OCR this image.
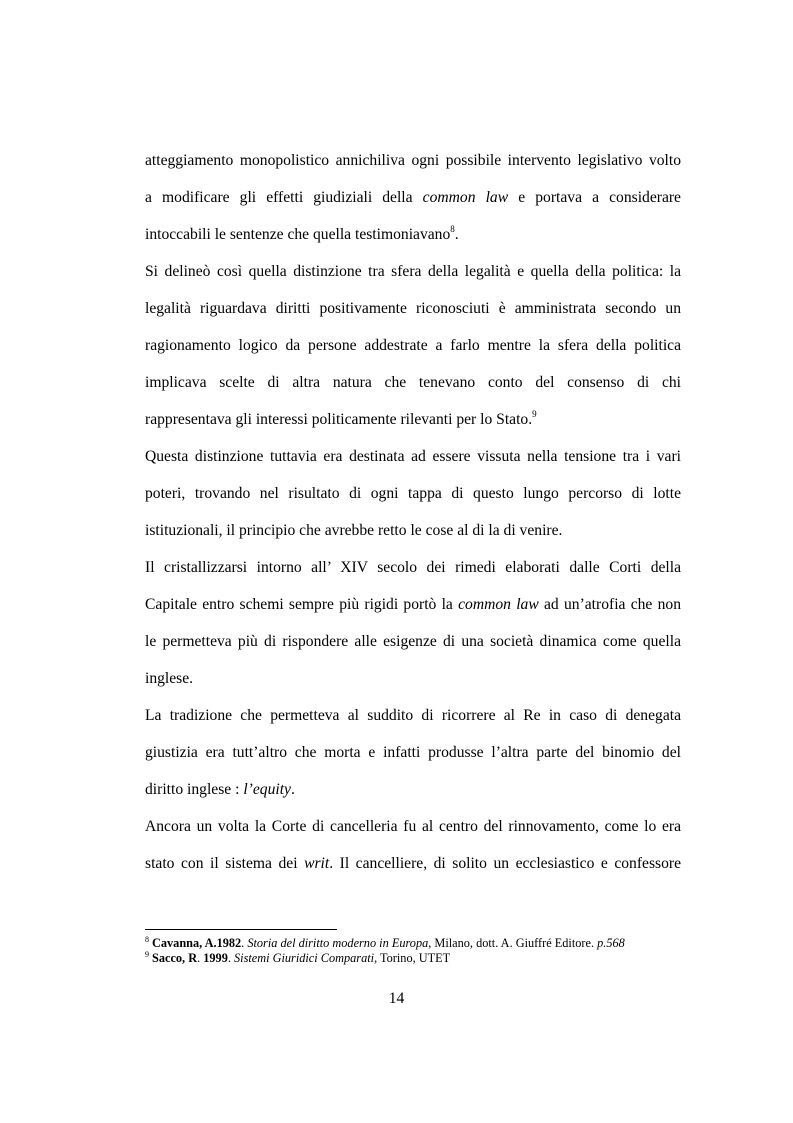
atteggiamento monopolistico annichiliva ogni possibile intervento legislativo volto
a modificare gli effetti giudiziali della common law e portava a considerare
intoccabili le sentenze che quella testimoniavano$^8$.
Si delineò così quella distinzione tra sfera della legalità e quella della politica: la
legalità riguardava diritti positivamente riconosciuti è amministrata secondo un
ragionamento logico da persone addestrate a farlo mentre la sfera della politica
implicava scelte di altra natura che tenevano conto del consenso di chi
rappresentava gli interessi politicamente rilevanti per lo Stato.$^9$
Questa distinzione tuttavia era destinata ad essere vissuta nella tensione tra i vari
poteri, trovando nel risultato di ogni tappa di questo lungo percorso di lotte
istituzionali, il principio che avrebbe retto le cose al di la di venire.
Il cristallizzarsi intorno all’ XIV secolo dei rimedi elaborati dalle Corti della
Capitale entro schemi sempre più rigidi portò la common law ad un’atrofia che non
le permetteva più di rispondere alle esigenze di una società dinamica come quella
inglese.
La tradizione che permetteva al suddito di ricorrere al Re in caso di denegata
giustizia era tutt’altro che morta e infatti produsse l’altra parte del binomio del
diritto inglese : l’equity.
Ancora un volta la Corte di cancelleria fu al centro del rinnovamento, come lo era
stato con il sistema dei writ. Il cancelliere, di solito un ecclesiastico e confessore
$^8$ Cavanna, A.1982. Storia del diritto moderno in Europa, Milano, dott. A. Giuffré Editore. p.568
$^9$ Sacco, R. 1999. Sistemi Giuridici Comparati, Torino, UTET
14
